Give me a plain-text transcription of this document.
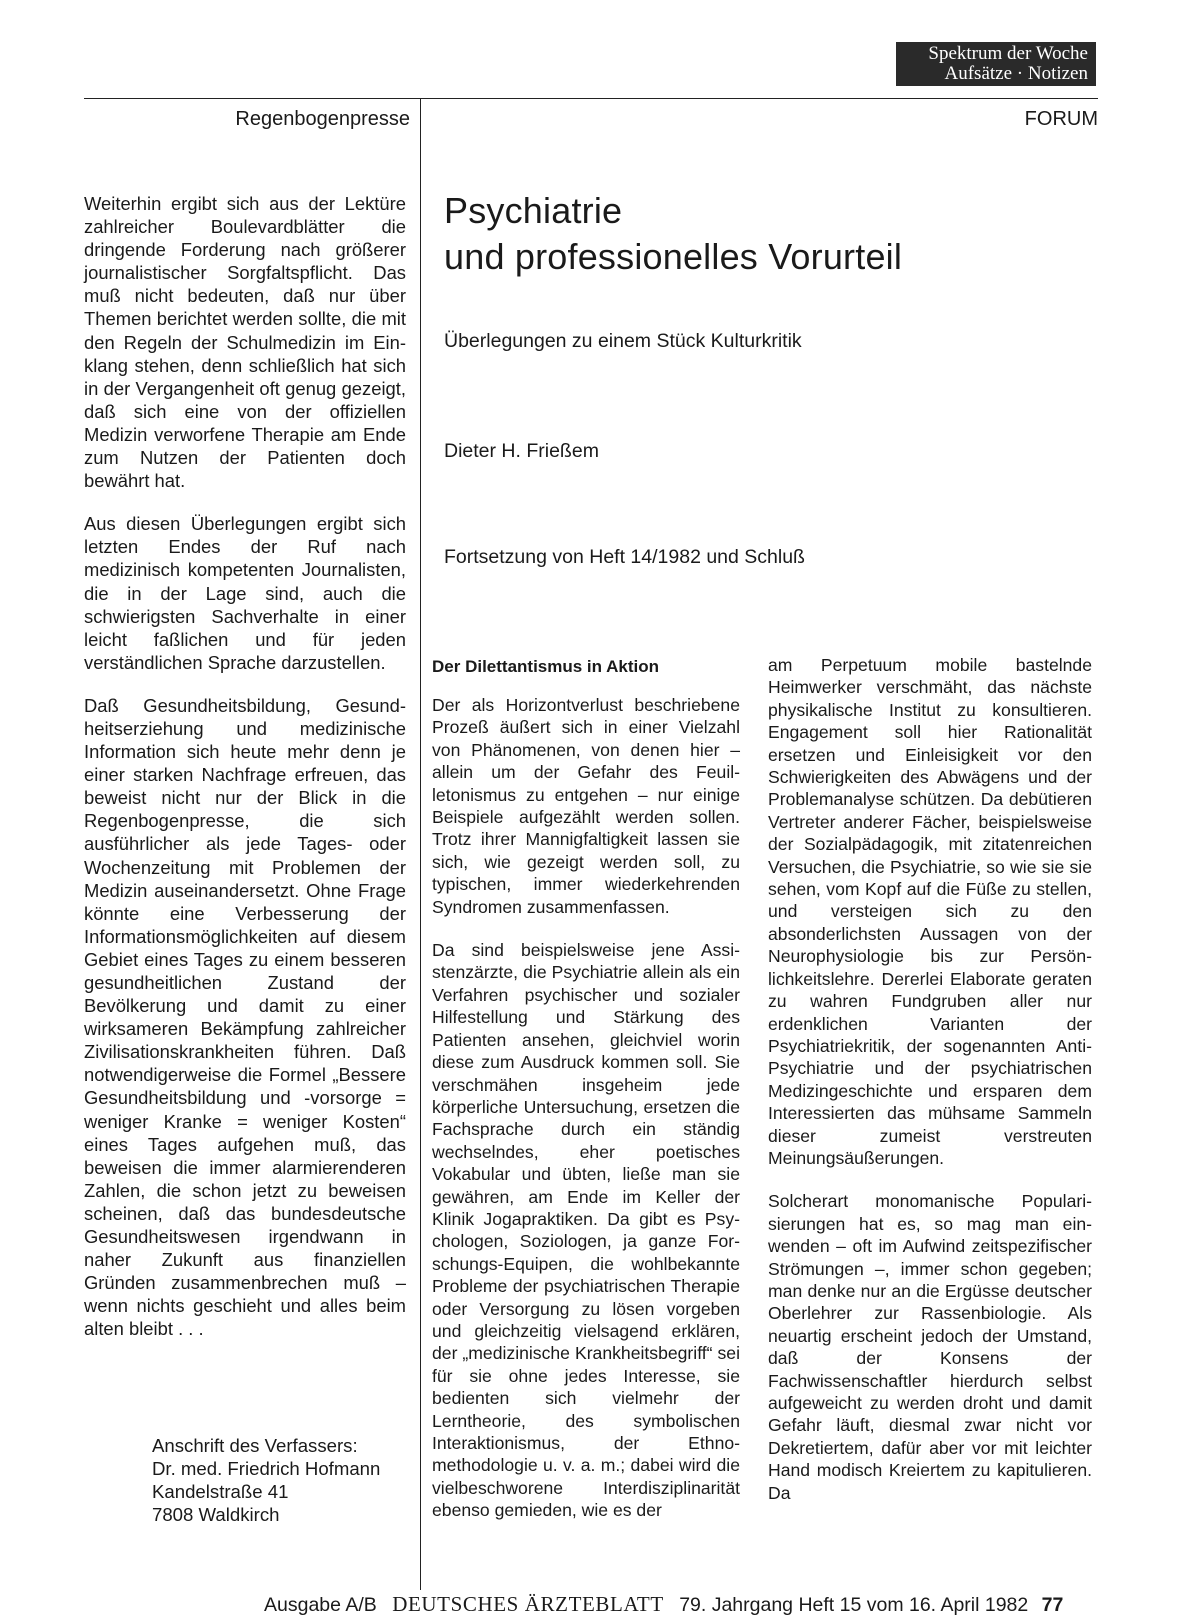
Spektrum der Woche
Aufsätze · Notizen
Regenbogenpresse	FORUM

Weiterhin ergibt sich aus der Lektüre zahlreicher Boulevardblätter die dringende Forderung nach größerer journalistischer Sorgfaltspflicht. Das muß nicht bedeuten, daß nur über Themen berichtet werden sollte, die mit den Regeln der Schulmedizin im Einklang stehen, denn schließlich hat sich in der Vergangenheit oft genug gezeigt, daß sich eine von der offiziellen Medizin verworfene Therapie am Ende zum Nutzen der Patienten doch bewährt hat.

Aus diesen Überlegungen ergibt sich letzten Endes der Ruf nach medizinisch kompetenten Journalisten, die in der Lage sind, auch die schwierigsten Sachverhalte in einer leicht faßlichen und für jeden verständlichen Sprache darzustellen.

Daß Gesundheitsbildung, Gesundheitserziehung und medizinische Information sich heute mehr denn je einer starken Nachfrage erfreuen, das beweist nicht nur der Blick in die Regenbogenpresse, die sich ausführlicher als jede Tages- oder Wochenzeitung mit Problemen der Medizin auseinandersetzt. Ohne Frage könnte eine Verbesserung der Informationsmöglichkeiten auf diesem Gebiet eines Tages zu einem besseren gesundheitlichen Zustand der Bevölkerung und damit zu einer wirksameren Bekämpfung zahlreicher Zivilisationskrankheiten führen. Daß notwendigerweise die Formel „Bessere Gesundheitsbildung und -vorsorge = weniger Kranke = weniger Kosten“ eines Tages aufgehen muß, das beweisen die immer alarmierenderen Zahlen, die schon jetzt zu beweisen scheinen, daß das bundesdeutsche Gesundheitswesen irgendwann in naher Zukunft aus finanziellen Gründen zusammenbrechen muß – wenn nichts geschieht und alles beim alten bleibt . . .

Anschrift des Verfassers:
Dr. med. Friedrich Hofmann
Kandelstraße 41
7808 Waldkirch
Psychiatrie
und professionelles Vorurteil
Überlegungen zu einem Stück Kulturkritik
Dieter H. Frießem
Fortsetzung von Heft 14/1982 und Schluß
Der Dilettantismus in Aktion

Der als Horizontverlust beschriebene Prozeß äußert sich in einer Vielzahl von Phänomenen, von denen hier – allein um der Gefahr des Feuilletonismus zu entgehen – nur einige Beispiele aufgezählt werden sollen. Trotz ihrer Mannigfaltigkeit lassen sie sich, wie gezeigt werden soll, zu typischen, immer wiederkehrenden Syndromen zusammenfassen.

Da sind beispielsweise jene Assistenzärzte, die Psychiatrie allein als ein Verfahren psychischer und sozialer Hilfestellung und Stärkung des Patienten ansehen, gleichviel worin diese zum Ausdruck kommen soll. Sie verschmähen insgeheim jede körperliche Untersuchung, ersetzen die Fachsprache durch ein ständig wechselndes, eher poetisches Vokabular und übten, ließe man sie gewähren, am Ende im Keller der Klinik Jogapraktiken. Da gibt es Psychologen, Soziologen, ja ganze Forschungs-Equipen, die wohlbekannte Probleme der psychiatrischen Therapie oder Versorgung zu lösen vorgeben und gleichzeitig vielsagend erklären, der „medizinische Krankheitsbegriff“ sei für sie ohne jedes Interesse, sie bedienten sich vielmehr der Lerntheorie, des symbolischen Interaktionismus, der Ethnomethodologie u. v. a. m.; dabei wird die vielbeschworene Interdisziplinarität ebenso gemieden, wie es der

am Perpetuum mobile bastelnde Heimwerker verschmäht, das nächste physikalische Institut zu konsultieren. Engagement soll hier Rationalität ersetzen und Einleisigkeit vor den Schwierigkeiten des Abwägens und der Problemanalyse schützen. Da debütieren Vertreter anderer Fächer, beispielsweise der Sozialpädagogik, mit zitatenreichen Versuchen, die Psychiatrie, so wie sie sie sehen, vom Kopf auf die Füße zu stellen, und versteigen sich zu den absonderlichsten Aussagen von der Neurophysiologie bis zur Persönlichkeitslehre. Dererlei Elaborate geraten zu wahren Fundgruben aller nur erdenklichen Varianten der Psychiatriekritik, der sogenannten Anti-Psychiatrie und der psychiatrischen Medizingeschichte und ersparen dem Interessierten das mühsame Sammeln dieser zumeist verstreuten Meinungsäußerungen.

Solcherart monomanische Popularisierungen hat es, so mag man einwenden – oft im Aufwind zeitspezifischer Strömungen –, immer schon gegeben; man denke nur an die Ergüsse deutscher Oberlehrer zur Rassenbiologie. Als neuartig erscheint jedoch der Umstand, daß der Konsens der Fachwissenschaftler hierdurch selbst aufgeweicht zu werden droht und damit Gefahr läuft, diesmal zwar nicht vor Dekretiertem, dafür aber vor mit leichter Hand modisch Kreiertem zu kapitulieren. Da

Ausgabe A/B DEUTSCHES ÄRZTEBLATT 79. Jahrgang Heft 15 vom 16. April 1982 77
